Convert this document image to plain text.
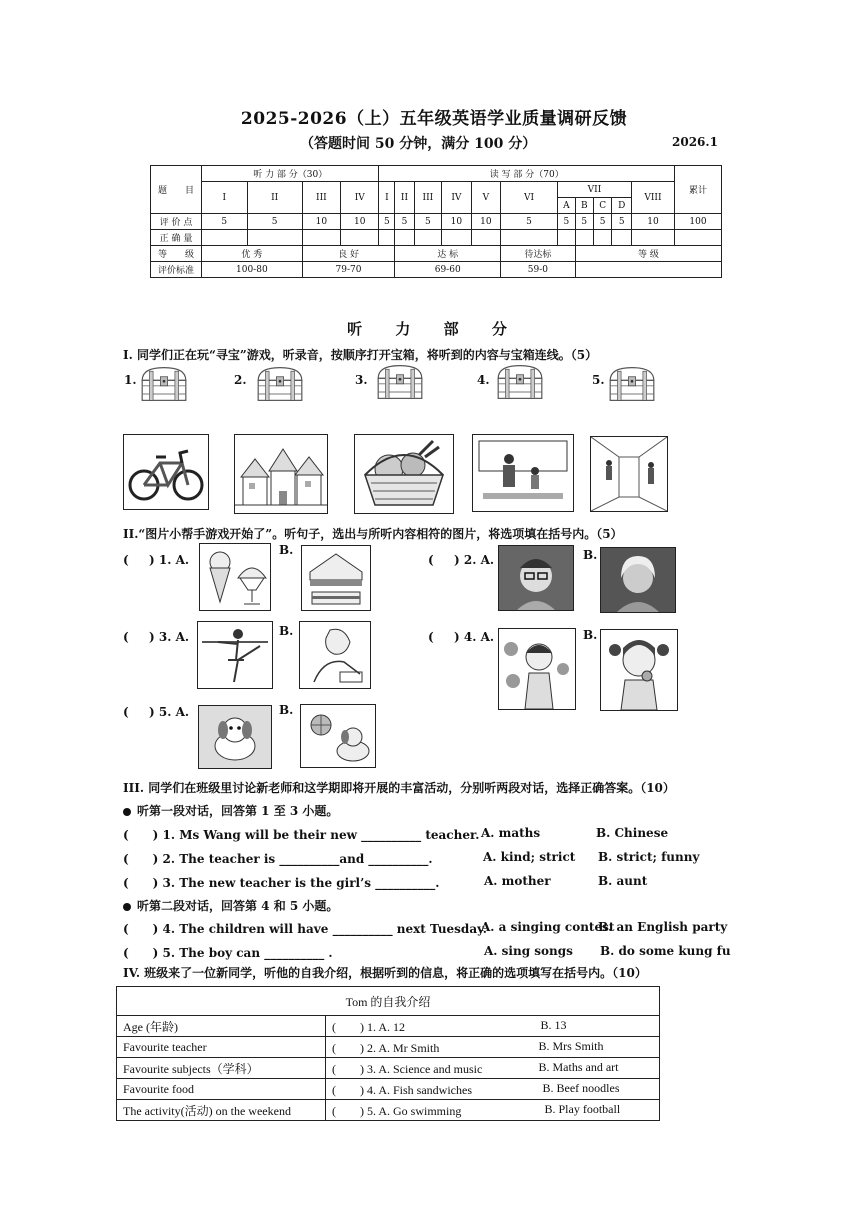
2025-2026（上）五年级英语学业质量调研反馈
（答题时间 50 分钟，满分 100 分）	2026.1
题　　目	听 力 部 分（30）				读 写 部 分（70）											累计
	I	II	III	IV	I	II	III	IV	V	VI	VII				VIII	
											A	B	C	D		
评 价 点	5	5	10	10	5	5	5	10	10	5	5	5	5	5	10	100
正 确 量																
等　　级	优 秀		良 好			达 标				待达标		等 级				
评价标准	100-80		79-70			69-60				59-0						
听 力 部 分
I. 同学们正在玩“寻宝”游戏，听录音，按顺序打开宝箱，将听到的内容与宝箱连线。（5）
1.	2.	3.	4.	5.
II.“图片小帮手游戏开始了”。听句子，选出与所听内容相符的图片，将选项填在括号内。（5）
( 　 ) 1. A.
B.
( 　 ) 2. A.	B.
( 　 ) 3. A.	B.	( 　 ) 4. A.	B.
( 　 ) 5. A.	B.
III. 同学们在班级里讨论新老师和这学期即将开展的丰富活动，分别听两段对话，选择正确答案。（10）
听第一段对话，回答第 1 至 3 小题。
(　　) 1. Ms Wang will be their new __________ teacher. A. maths	B. Chinese
(　　) 2. The teacher is __________and __________.	A. kind; strict B. strict; funny
(　　) 3. The new teacher is the girl’s __________.	A. mother	B. aunt
听第二段对话，回答第 4 和 5 小题。
(　　) 4. The children will have __________ next Tuesday.
A. a singing contest
B. an English party
(　　) 5. The boy can __________ .	A. sing songs B. do some kung fu
IV. 班级来了一位新同学，听他的自我介绍，根据听到的信息，将正确的选项填写在括号内。（10）
Tom 的自我介绍	
Age (年龄)	(　　) 1. A. 12 B. 13

Favourite teacher	(　　) 2. A. Mr Smith B. Mrs Smith

Favourite subjects（学科）	(　　) 3. A. Science and music B. Maths and art

Favourite food	(　　) 4. A. Fish sandwiches B. Beef noodles

The activity(活动) on the weekend	(　　) 5. A. Go swimming B. Play football
